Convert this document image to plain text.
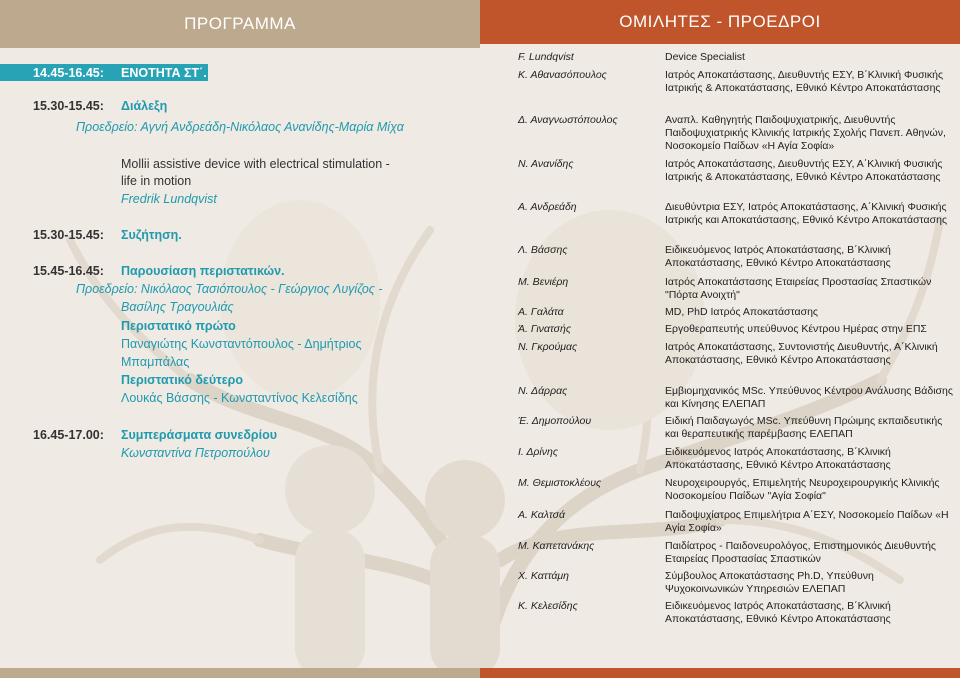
ΠΡΟΓΡΑΜΜΑ
14.45-16.45: ΕΝΟΤΗΤΑ ΣΤ΄.
15.30-15.45: Διάλεξη
Προεδρείο: Αγνή Ανδρεάδη-Νικόλαος Ανανίδης-Μαρία Μίχα
Mollii assistive device with electrical stimulation -
life in motion
Fredrik Lundqvist
15.30-15.45: Συζήτηση.
15.45-16.45: Παρουσίαση περιστατικών.
Προεδρείο: Νικόλαος Τασιόπουλος - Γεώργιος Λυγίζος -
Βασίλης Τραγουλιάς
Περιστατικό πρώτο
Παναγιώτης Κωνσταντόπουλος - Δημήτριος
Μπαμπάλας
Περιστατικό δεύτερο
Λουκάς Βάσσης - Κωνσταντίνος Κελεσίδης
16.45-17.00: Συμπεράσματα συνεδρίου
Κωνσταντίνα Πετροπούλου
ΟΜΙΛΗΤΕΣ - ΠΡΟΕΔΡΟΙ
F. Lundqvist	Device Specialist
Κ. Αθανασόπουλος	Ιατρός Αποκατάστασης, Διευθυντής ΕΣΥ, Β΄Κλινική Φυσικής Ιατρικής & Αποκατάστασης, Εθνικό Κέντρο Αποκατάστασης
Δ. Αναγνωστόπουλος	Αναπλ. Καθηγητής Παιδοψυχιατρικής, Διευθυντής Παιδοψυχιατρικής Κλινικής Ιατρικής Σχολής Πανεπ. Αθηνών, Νοσοκομείο Παίδων «Η Αγία Σοφία»
Ν. Ανανίδης	Ιατρός Αποκατάστασης, Διευθυντής ΕΣΥ, Α΄Κλινική Φυσικής Ιατρικής & Αποκατάστασης, Εθνικό Κέντρο Αποκατάστασης
Α. Ανδρεάδη	Διευθύντρια ΕΣΥ, Ιατρός Αποκατάστασης, Α΄Κλινική Φυσικής Ιατρικής και Αποκατάστασης, Εθνικό Κέντρο Αποκατάστασης
Λ. Βάσσης	Ειδικευόμενος Ιατρός Αποκατάστασης, Β΄Κλινική Αποκατάστασης, Εθνικό Κέντρο Αποκατάστασης
Μ. Βενιέρη	Ιατρός Αποκατάστασης Εταιρείας Προστασίας Σπαστικών "Πόρτα Ανοιχτή"
Α. Γαλάτα	MD, PhD Ιατρός Αποκατάστασης
Ά. Γινατσής	Εργοθεραπευτής υπεύθυνος Κέντρου Ημέρας στην ΕΠΣ
Ν. Γκρούμας	Ιατρός Αποκατάστασης, Συντονιστής Διευθυντής, Α΄Κλινική Αποκατάστασης, Εθνικό Κέντρο Αποκατάστασης
Ν. Δάρρας	Εμβιομηχανικός MSc. Υπεύθυνος Κέντρου Ανάλυσης Βάδισης και Κίνησης ΕΛΕΠΑΠ
Έ. Δημοπούλου	Ειδική Παιδαγωγός MSc. Υπεύθυνη Πρώιμης εκπαιδευτικής και θεραπευτικής παρέμβασης ΕΛΕΠΑΠ
Ι. Δρίνης	Ειδικευόμενος Ιατρός Αποκατάστασης, Β΄Κλινική Αποκατάστασης, Εθνικό Κέντρο Αποκατάστασης
Μ. Θεμιστοκλέους	Νευροχειρουργός, Επιμελητής Νευροχειρουργικής Κλινικής Νοσοκομείου Παίδων "Αγία Σοφία"
Α. Καλτσά	Παιδοψυχίατρος Επιμελήτρια Α΄ΕΣΥ, Νοσοκομείο Παίδων «Η Αγία Σοφία»
Μ. Καπετανάκης	Παιδίατρος - Παιδονευρολόγος, Επιστημονικός Διευθυντής Εταιρείας Προστασίας Σπαστικών
Χ. Καττάμη	Σύμβουλος Αποκατάστασης Ph.D, Υπεύθυνη Ψυχοκοινωνικών Υπηρεσιών ΕΛΕΠΑΠ
Κ. Κελεσίδης	Ειδικευόμενος Ιατρός Αποκατάστασης, Β΄Κλινική Αποκατάστασης, Εθνικό Κέντρο Αποκατάστασης
